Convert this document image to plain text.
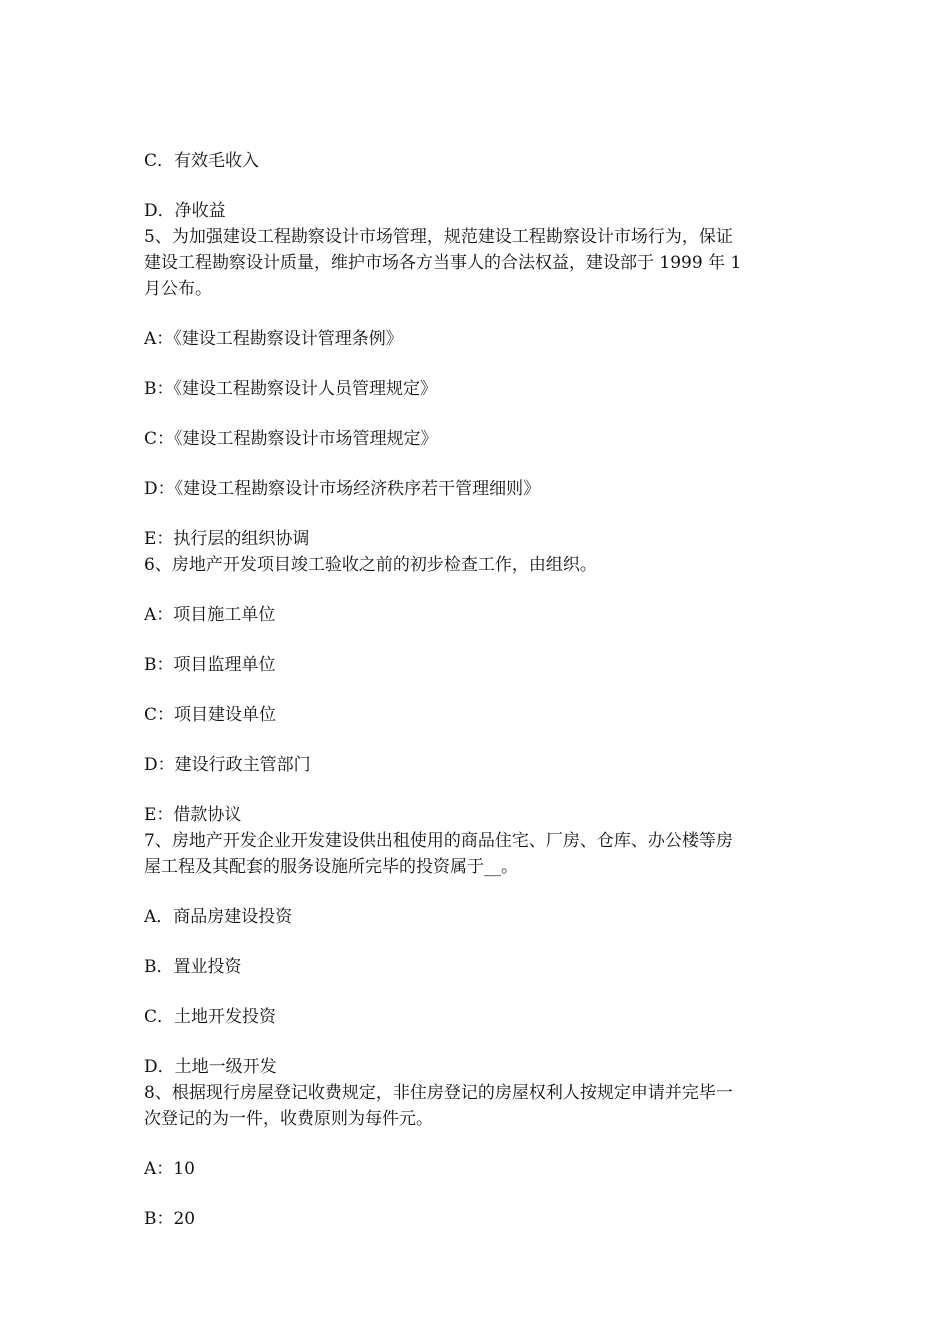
C．有效毛收入
D．净收益
5、为加强建设工程勘察设计市场管理，规范建设工程勘察设计市场行为，保证
建设工程勘察设计质量，维护市场各方当事人的合法权益，建设部于 1999 年 1
月公布。
A：《建设工程勘察设计管理条例》
B：《建设工程勘察设计人员管理规定》
C：《建设工程勘察设计市场管理规定》
D：《建设工程勘察设计市场经济秩序若干管理细则》
E：执行层的组织协调
6、房地产开发项目竣工验收之前的初步检查工作，由组织。
A：项目施工单位
B：项目监理单位
C：项目建设单位
D：建设行政主管部门
E：借款协议
7、房地产开发企业开发建设供出租使用的商品住宅、厂房、仓库、办公楼等房
屋工程及其配套的服务设施所完毕的投资属于__。
A．商品房建设投资
B．置业投资
C．土地开发投资
D．土地一级开发
8、根据现行房屋登记收费规定，非住房登记的房屋权利人按规定申请并完毕一
次登记的为一件，收费原则为每件元。
A：10
B：20
